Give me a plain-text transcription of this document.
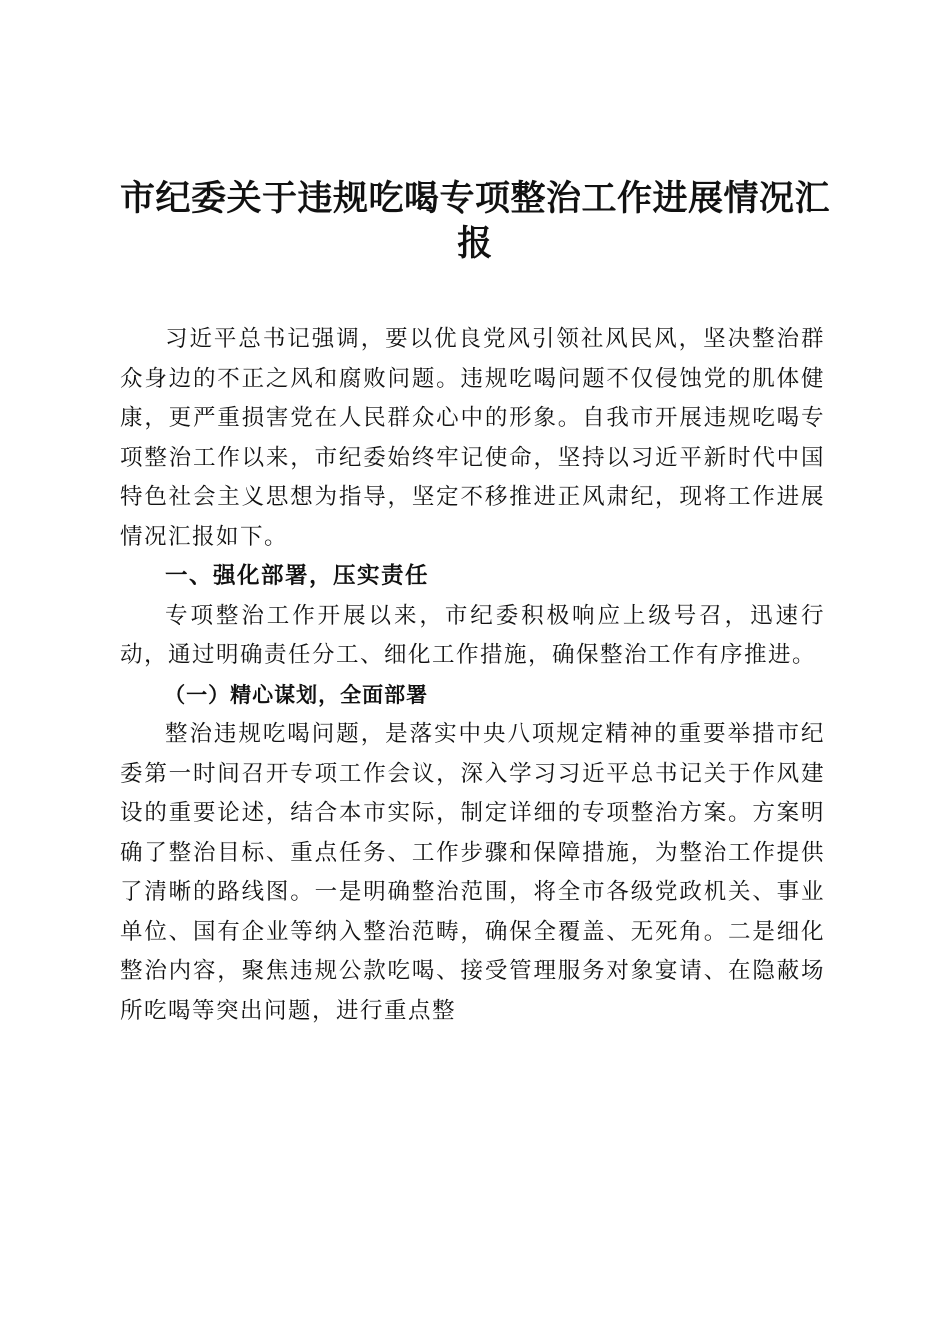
市纪委关于违规吃喝专项整治工作进展情况汇
报

习近平总书记强调，要以优良党风引领社风民风，坚决整治群众身边的不正之风和腐败问题。违规吃喝问题不仅侵蚀党的肌体健康，更严重损害党在人民群众心中的形象。自我市开展违规吃喝专项整治工作以来，市纪委始终牢记使命，坚持以习近平新时代中国特色社会主义思想为指导，坚定不移推进正风肃纪，现将工作进展情况汇报如下。

一、强化部署，压实责任

专项整治工作开展以来，市纪委积极响应上级号召，迅速行动，通过明确责任分工、细化工作措施，确保整治工作有序推进。

（一）精心谋划，全面部署

整治违规吃喝问题，是落实中央八项规定精神的重要举措市纪委第一时间召开专项工作会议，深入学习习近平总书记关于作风建设的重要论述，结合本市实际，制定详细的专项整治方案。方案明确了整治目标、重点任务、工作步骤和保障措施，为整治工作提供了清晰的路线图。一是明确整治范围，将全市各级党政机关、事业单位、国有企业等纳入整治范畴，确保全覆盖、无死角。二是细化整治内容，聚焦违规公款吃喝、接受管理服务对象宴请、在隐蔽场所吃喝等突出问题，进行重点整
